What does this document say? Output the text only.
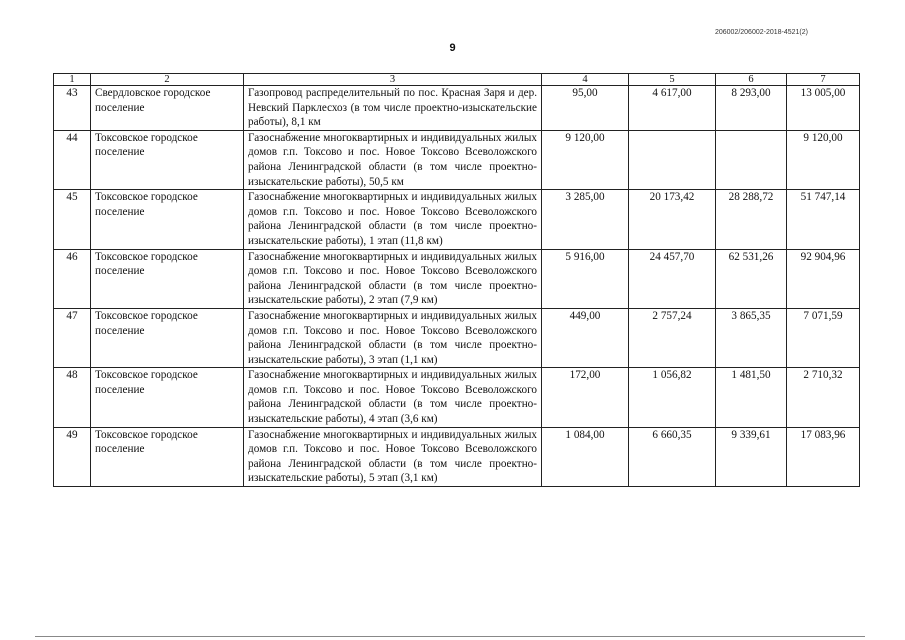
206002/206002-2018-4521(2)
9
1	2	3	4	5	6	7
43	Свердловское городское поселение	Газопровод распределительный по пос. Красная Заря и дер. Невский Парклесхоз (в том числе проектно-изыскательские работы), 8,1 км	95,00	4 617,00	8 293,00	13 005,00
44	Токсовское городское поселение	Газоснабжение многоквартирных и индивидуальных жилых домов г.п. Токсово и пос. Новое Токсово Всеволожского района Ленинградской области (в том числе проектно-изыскательские работы), 50,5 км	9 120,00			9 120,00
45	Токсовское городское поселение	Газоснабжение многоквартирных и индивидуальных жилых домов г.п. Токсово и пос. Новое Токсово Всеволожского района Ленинградской области (в том числе проектно-изыскательские работы), 1 этап (11,8 км)	3 285,00	20 173,42	28 288,72	51 747,14
46	Токсовское городское поселение	Газоснабжение многоквартирных и индивидуальных жилых домов г.п. Токсово и пос. Новое Токсово Всеволожского района Ленинградской области (в том числе проектно-изыскательские работы), 2 этап (7,9 км)	5 916,00	24 457,70	62 531,26	92 904,96
47	Токсовское городское поселение	Газоснабжение многоквартирных и индивидуальных жилых домов г.п. Токсово и пос. Новое Токсово Всеволожского района Ленинградской области (в том числе проектно-изыскательские работы), 3 этап (1,1 км)	449,00	2 757,24	3 865,35	7 071,59
48	Токсовское городское поселение	Газоснабжение многоквартирных и индивидуальных жилых домов г.п. Токсово и пос. Новое Токсово Всеволожского района Ленинградской области (в том числе проектно-изыскательские работы), 4 этап (3,6 км)	172,00	1 056,82	1 481,50	2 710,32
49	Токсовское городское поселение	Газоснабжение многоквартирных и индивидуальных жилых домов г.п. Токсово и пос. Новое Токсово Всеволожского района Ленинградской области (в том числе проектно-изыскательские работы), 5 этап (3,1 км)	1 084,00	6 660,35	9 339,61	17 083,96
